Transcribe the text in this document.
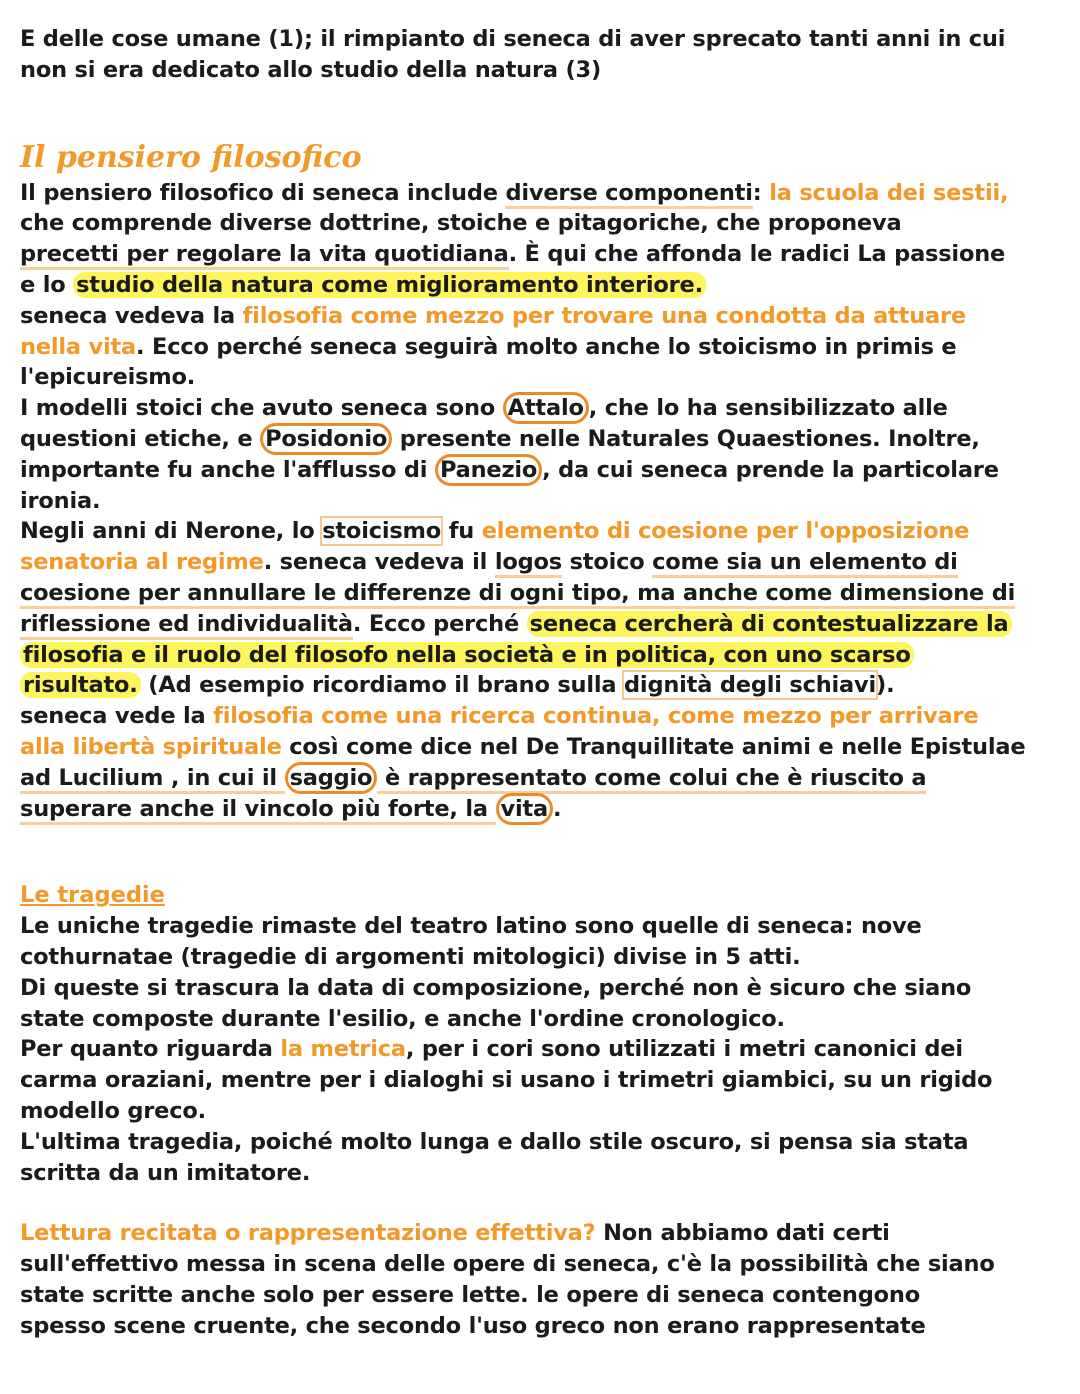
E delle cose umane (1); il rimpianto di seneca di aver sprecato tanti anni in cui

non si era dedicato allo studio della natura (3)

Il pensiero filosofico

Il pensiero filosofico di seneca include diverse componenti: la scuola dei sestii,

che comprende diverse dottrine, stoiche e pitagoriche, che proponeva

precetti per regolare la vita quotidiana. È qui che affonda le radici La passione

e lo studio della natura come miglioramento interiore.

seneca vedeva la filosofia come mezzo per trovare una condotta da attuare

nella vita. Ecco perché seneca seguirà molto anche lo stoicismo in primis e

l'epicureismo.

I modelli stoici che avuto seneca sono Attalo , che lo ha sensibilizzato alle

questioni etiche, e Posidonio presente nelle Naturales Quaestiones. Inoltre,

importante fu anche l'afflusso di Panezio , da cui seneca prende la particolare

ironia.

Negli anni di Nerone, lo stoicismo fu elemento di coesione per l'opposizione

senatoria al regime. seneca vedeva il logos stoico come sia un elemento di

coesione per annullare le differenze di ogni tipo, ma anche come dimensione di

riflessione ed individualità. Ecco perché seneca cercherà di contestualizzare la

filosofia e il ruolo del filosofo nella società e in politica, con uno scarso

risultato. (Ad esempio ricordiamo il brano sulla dignità degli schiavi).

seneca vede la filosofia come una ricerca continua, come mezzo per arrivare

alla libertà spirituale così come dice nel De Tranquillitate animi e nelle Epistulae

ad Lucilium , in cui il saggio è rappresentato come colui che è riuscito a

superare anche il vincolo più forte, la vita .

Le tragedie

Le uniche tragedie rimaste del teatro latino sono quelle di seneca: nove

cothurnatae (tragedie di argomenti mitologici) divise in 5 atti.

Di queste si trascura la data di composizione, perché non è sicuro che siano

state composte durante l'esilio, e anche l'ordine cronologico.

Per quanto riguarda la metrica, per i cori sono utilizzati i metri canonici dei

carma oraziani, mentre per i dialoghi si usano i trimetri giambici, su un rigido

modello greco.

L'ultima tragedia, poiché molto lunga e dallo stile oscuro, si pensa sia stata

scritta da un imitatore.

Lettura recitata o rappresentazione effettiva? Non abbiamo dati certi

sull'effettivo messa in scena delle opere di seneca, c'è la possibilità che siano

state scritte anche solo per essere lette. le opere di seneca contengono

spesso scene cruente, che secondo l'uso greco non erano rappresentate
